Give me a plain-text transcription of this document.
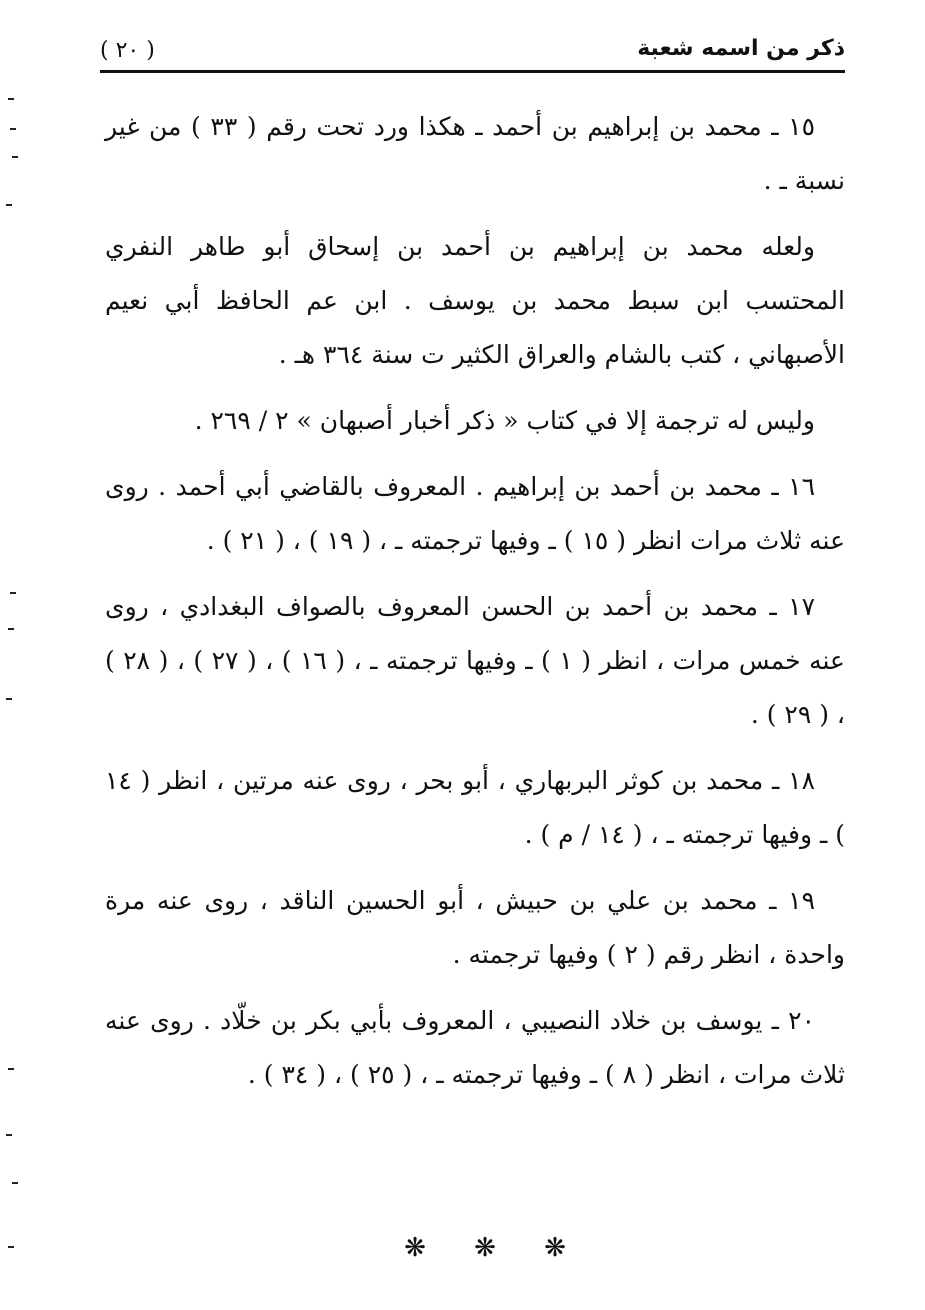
ذكر من اسمه شعبة
( ٢٠ )

١٥ ـ محمد بن إبراهيم بن أحمد ـ هكذا ورد تحت رقم ( ٣٣ ) من غير نسبة ـ .

ولعله محمد بن إبراهيم بن أحمد بن إسحاق أبو طاهر النفري المحتسب ابن سبط محمد بن يوسف . ابن عم الحافظ أبي نعيم الأصبهاني ، كتب بالشام والعراق الكثير ت سنة ٣٦٤ هـ .

وليس له ترجمة إلا في كتاب « ذكر أخبار أصبهان » ٢ / ٢٦٩ .

١٦ ـ محمد بن أحمد بن إبراهيم . المعروف بالقاضي أبي أحمد . روى عنه ثلاث مرات انظر ( ١٥ ) ـ وفيها ترجمته ـ ، ( ١٩ ) ، ( ٢١ ) .

١٧ ـ محمد بن أحمد بن الحسن المعروف بالصواف البغدادي ، روى عنه خمس مرات ، انظر ( ١ ) ـ وفيها ترجمته ـ ، ( ١٦ ) ، ( ٢٧ ) ، ( ٢٨ ) ، ( ٢٩ ) .

١٨ ـ محمد بن كوثر البربهاري ، أبو بحر ، روى عنه مرتين ، انظر ( ١٤ ) ـ وفيها ترجمته ـ ، ( ١٤ / م ) .

١٩ ـ محمد بن علي بن حبيش ، أبو الحسين الناقد ، روى عنه مرة واحدة ، انظر رقم ( ٢ ) وفيها ترجمته .

٢٠ ـ يوسف بن خلاد النصيبي ، المعروف بأبي بكر بن خلّاد . روى عنه ثلاث مرات ، انظر ( ٨ ) ـ وفيها ترجمته ـ ، ( ٢٥ ) ، ( ٣٤ ) .

❋ ❋ ❋
